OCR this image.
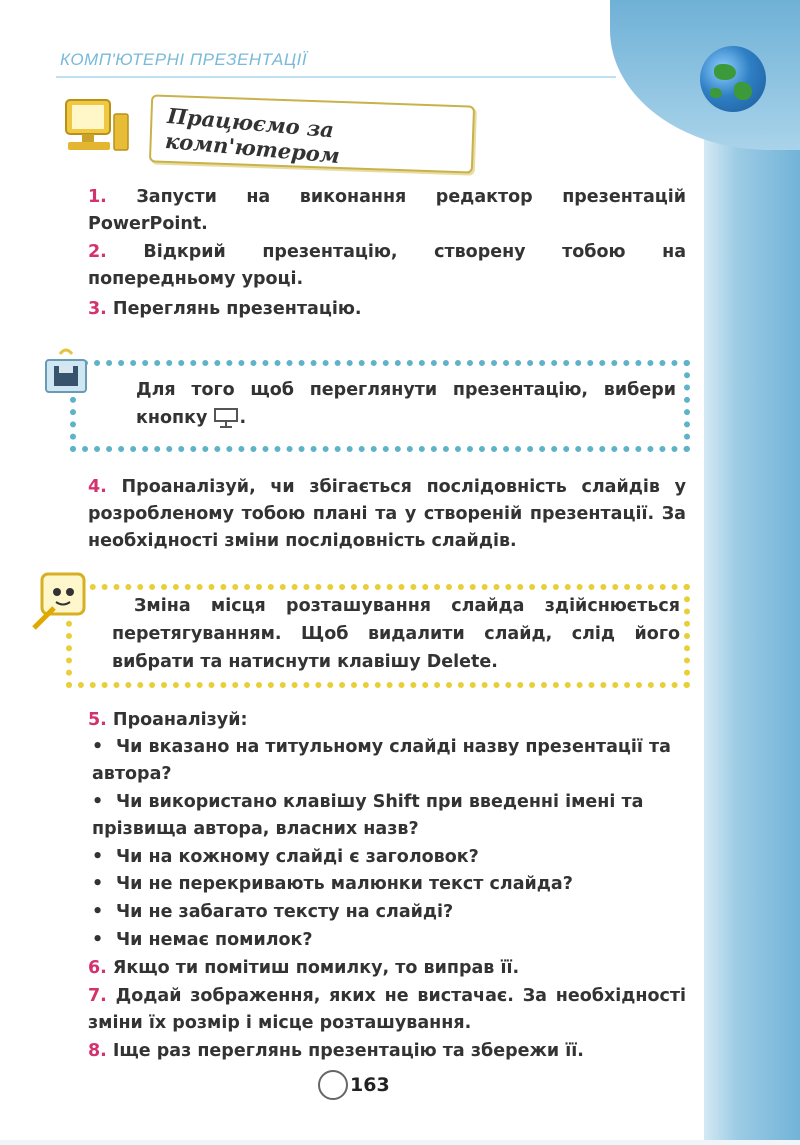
КОМП'ЮТЕРНІ ПРЕЗЕНТАЦІЇ
Працюємо за комп'ютером
1. Запусти на виконання редактор презентацій PowerPoint.
2. Відкрий презентацію, створену тобою на попередньому уроці.
3. Переглянь презентацію.
Для того щоб переглянути презентацію, вибери кнопку .
4. Проаналізуй, чи збігається послідовність слайдів у розробленому тобою плані та у створеній презентації. За необхідності зміни послідовність слайдів.
Зміна місця розташування слайда здійснюється перетягуванням. Щоб видалити слайд, слід його вибрати та натиснути клавішу Delete.
5. Проаналізуй:
• Чи вказано на титульному слайді назву презентації та автора?
• Чи використано клавішу Shift при введенні імені та прізвища автора, власних назв?
• Чи на кожному слайді є заголовок?
• Чи не перекривають малюнки текст слайда?
• Чи не забагато тексту на слайді?
• Чи немає помилок?
6. Якщо ти помітиш помилку, то виправ її.
7. Додай зображення, яких не вистачає. За необхідності зміни їх розмір і місце розташування.
8. Іще раз переглянь презентацію та збережи її.
163
